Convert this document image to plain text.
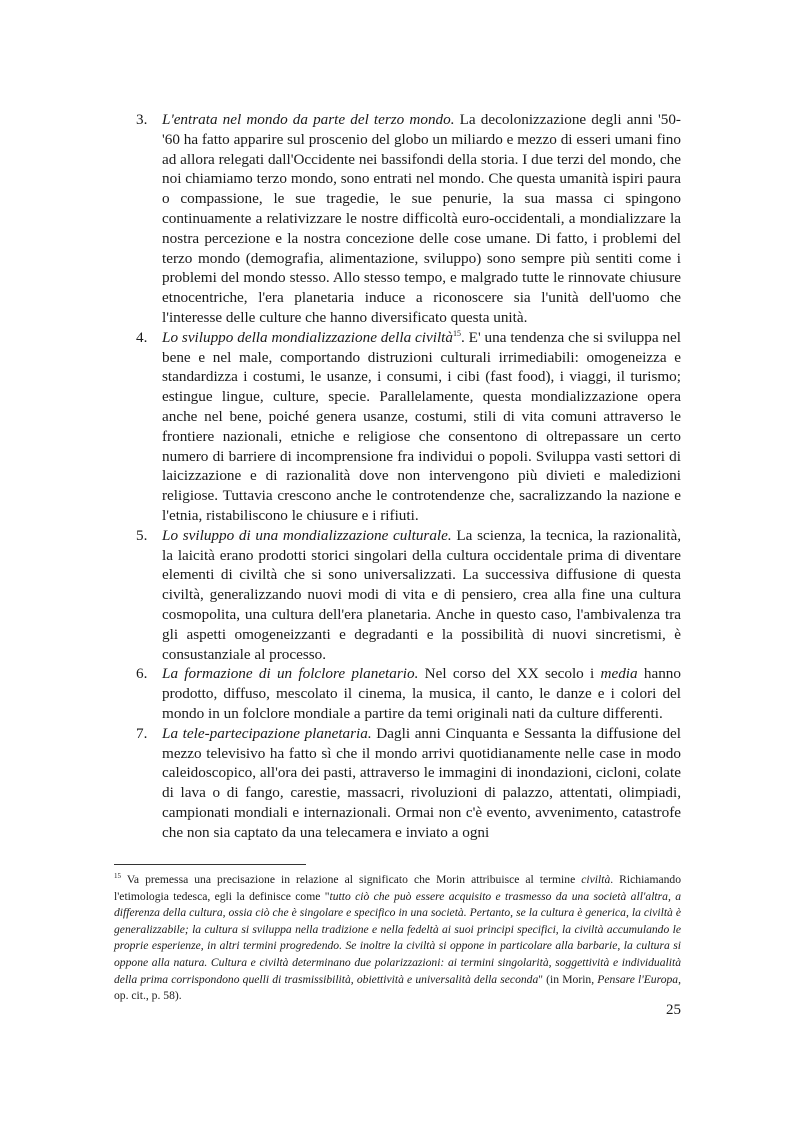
3. L'entrata nel mondo da parte del terzo mondo. La decolonizzazione degli anni '50-'60 ha fatto apparire sul proscenio del globo un miliardo e mezzo di esseri umani fino ad allora relegati dall'Occidente nei bassifondi della storia. I due terzi del mondo, che noi chiamiamo terzo mondo, sono entrati nel mondo. Che questa umanità ispiri paura o compassione, le sue tragedie, le sue penurie, la sua massa ci spingono continuamente a relativizzare le nostre difficoltà euro-occidentali, a mondializzare la nostra percezione e la nostra concezione delle cose umane. Di fatto, i problemi del terzo mondo (demografia, alimentazione, sviluppo) sono sempre più sentiti come i problemi del mondo stesso. Allo stesso tempo, e malgrado tutte le rinnovate chiusure etnocentriche, l'era planetaria induce a riconoscere sia l'unità dell'uomo che l'interesse delle culture che hanno diversificato questa unità.
4. Lo sviluppo della mondializzazione della civiltà$^{15}$. E' una tendenza che si sviluppa nel bene e nel male, comportando distruzioni culturali irrimediabili: omogeneizza e standardizza i costumi, le usanze, i consumi, i cibi (fast food), i viaggi, il turismo; estingue lingue, culture, specie. Parallelamente, questa mondializzazione opera anche nel bene, poiché genera usanze, costumi, stili di vita comuni attraverso le frontiere nazionali, etniche e religiose che consentono di oltrepassare un certo numero di barriere di incomprensione fra individui o popoli. Sviluppa vasti settori di laicizzazione e di razionalità dove non intervengono più divieti e maledizioni religiose. Tuttavia crescono anche le controtendenze che, sacralizzando la nazione e l'etnia, ristabiliscono le chiusure e i rifiuti.
5. Lo sviluppo di una mondializzazione culturale. La scienza, la tecnica, la razionalità, la laicità erano prodotti storici singolari della cultura occidentale prima di diventare elementi di civiltà che si sono universalizzati. La successiva diffusione di questa civiltà, generalizzando nuovi modi di vita e di pensiero, crea alla fine una cultura cosmopolita, una cultura dell'era planetaria. Anche in questo caso, l'ambivalenza tra gli aspetti omogeneizzanti e degradanti e la possibilità di nuovi sincretismi, è consustanziale al processo.
6. La formazione di un folclore planetario. Nel corso del XX secolo i media hanno prodotto, diffuso, mescolato il cinema, la musica, il canto, le danze e i colori del mondo in un folclore mondiale a partire da temi originali nati da culture differenti.
7. La tele-partecipazione planetaria. Dagli anni Cinquanta e Sessanta la diffusione del mezzo televisivo ha fatto sì che il mondo arrivi quotidianamente nelle case in modo caleidoscopico, all'ora dei pasti, attraverso le immagini di inondazioni, cicloni, colate di lava o di fango, carestie, massacri, rivoluzioni di palazzo, attentati, olimpiadi, campionati mondiali e internazionali. Ormai non c'è evento, avvenimento, catastrofe che non sia captato da una telecamera e inviato a ogni

$^{15}$ Va premessa una precisazione in relazione al significato che Morin attribuisce al termine civiltà. Richiamando l'etimologia tedesca, egli la definisce come "tutto ciò che può essere acquisito e trasmesso da una società all'altra, a differenza della cultura, ossia ciò che è singolare e specifico in una società. Pertanto, se la cultura è generica, la civiltà è generalizzabile; la cultura si sviluppa nella tradizione e nella fedeltà ai suoi principi specifici, la civiltà accumulando le proprie esperienze, in altri termini progredendo. Se inoltre la civiltà si oppone in particolare alla barbarie, la cultura si oppone alla natura. Cultura e civiltà determinano due polarizzazioni: ai termini singolarità, soggettività e individualità della prima corrispondono quelli di trasmissibilità, obiettività e universalità della seconda" (in Morin, Pensare l'Europa, op. cit., p. 58).

25
